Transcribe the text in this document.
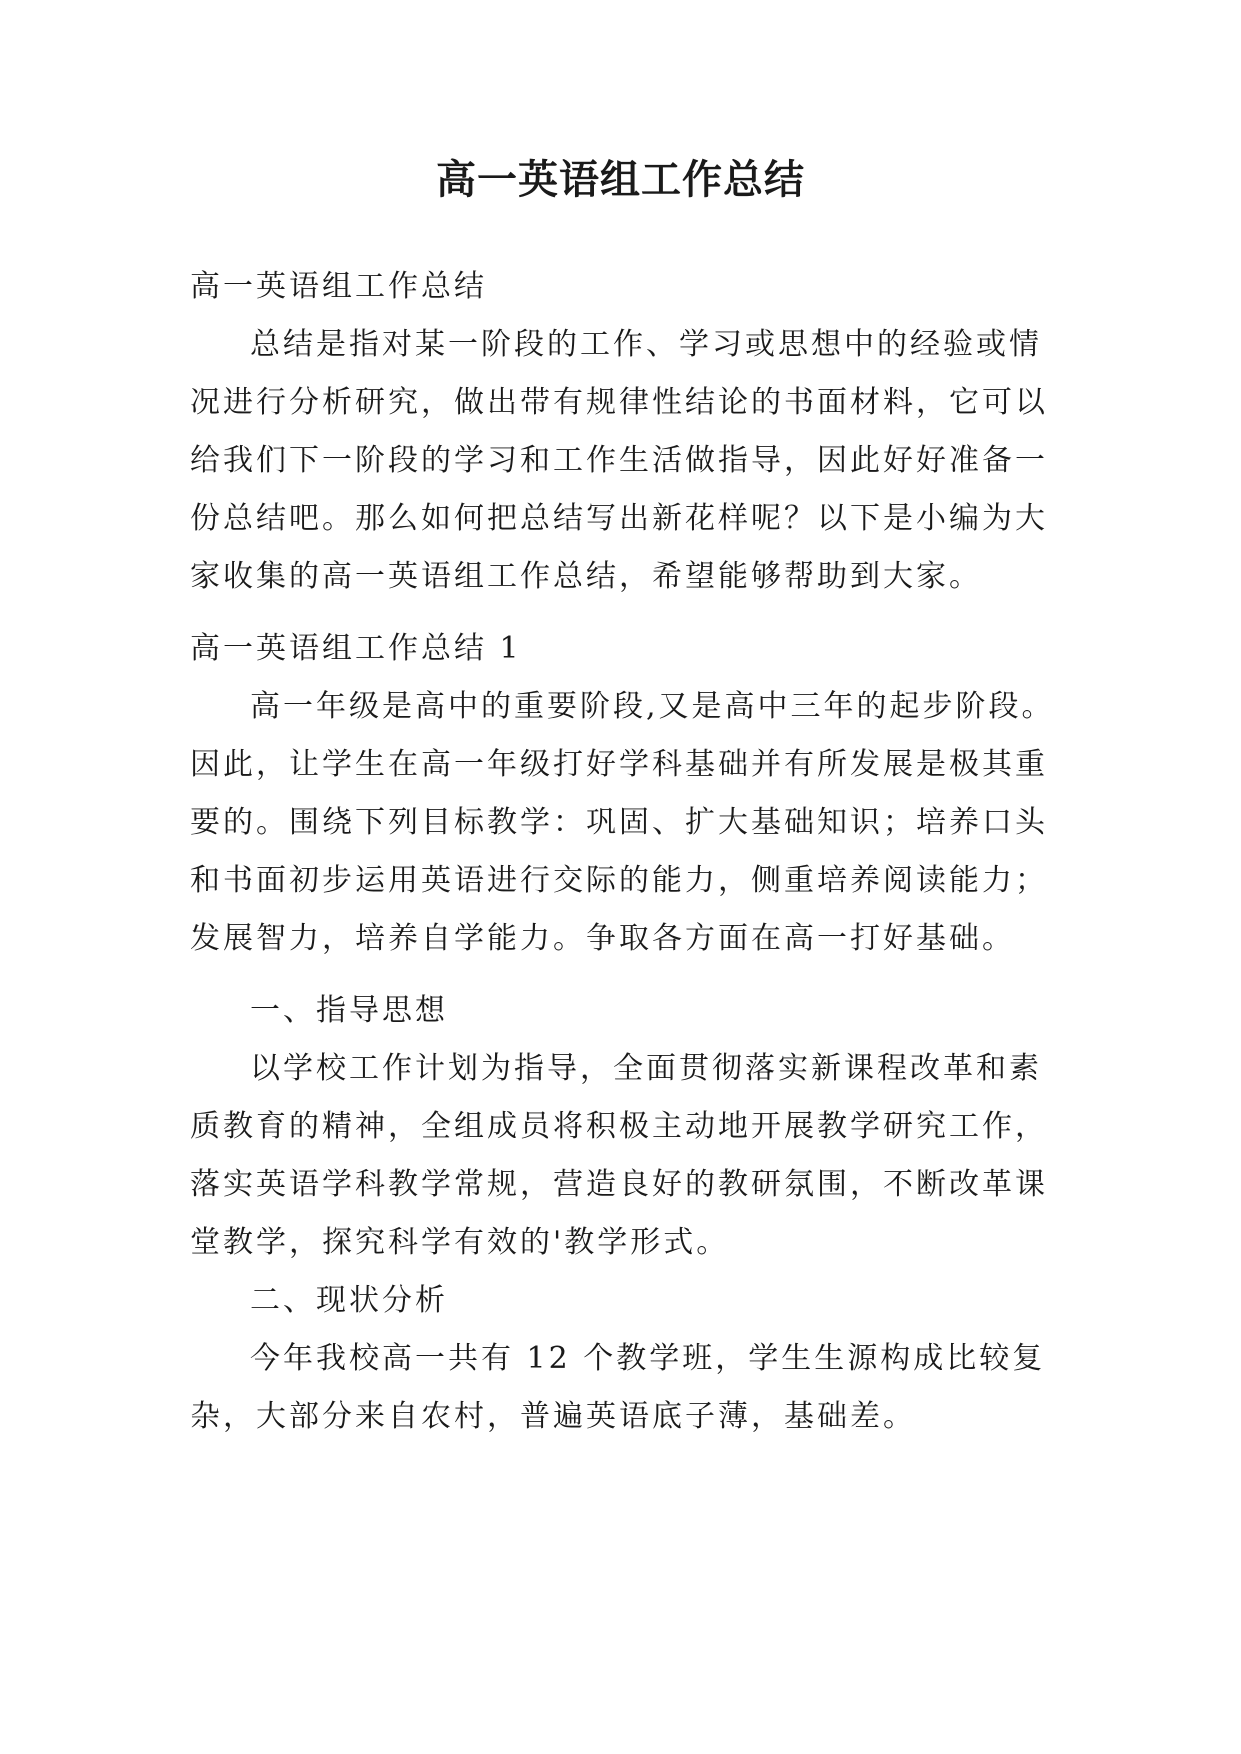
高一英语组工作总结

高一英语组工作总结

总结是指对某一阶段的工作、学习或思想中的经验或情况进行分析研究，做出带有规律性结论的书面材料，它可以给我们下一阶段的学习和工作生活做指导，因此好好准备一份总结吧。那么如何把总结写出新花样呢？以下是小编为大家收集的高一英语组工作总结，希望能够帮助到大家。

高一英语组工作总结 1

高一年级是高中的重要阶段,又是高中三年的起步阶段。因此，让学生在高一年级打好学科基础并有所发展是极其重要的。围绕下列目标教学：巩固、扩大基础知识；培养口头和书面初步运用英语进行交际的能力，侧重培养阅读能力；发展智力，培养自学能力。争取各方面在高一打好基础。

一、指导思想

以学校工作计划为指导，全面贯彻落实新课程改革和素质教育的精神，全组成员将积极主动地开展教学研究工作，落实英语学科教学常规，营造良好的教研氛围，不断改革课堂教学，探究科学有效的'教学形式。

二、现状分析

今年我校高一共有 12 个教学班，学生生源构成比较复杂，大部分来自农村，普遍英语底子薄，基础差。
